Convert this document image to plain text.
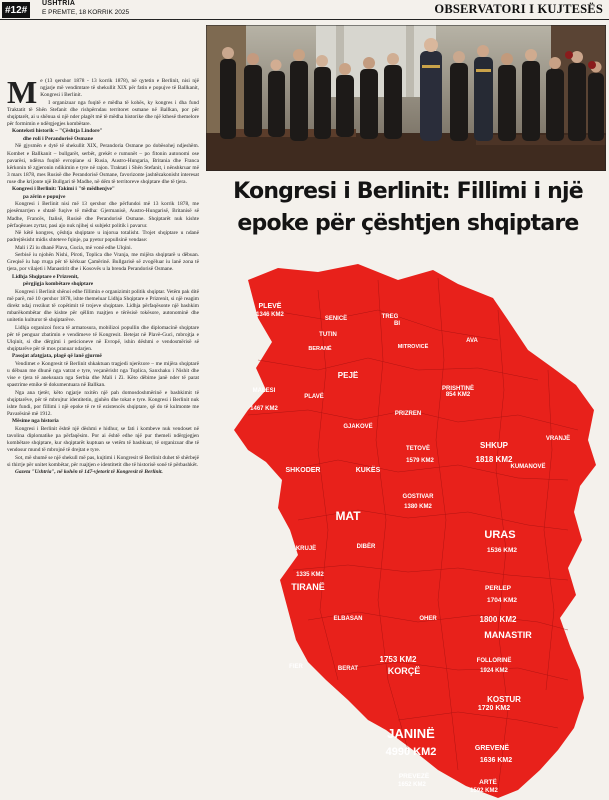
#12#
USHTRIA
E PREMTE, 18 KORRIK 2025	OBSERVATORI I KUJTESËS
Kongresi i Berlinit: Fillimi i një
epoke për çështjen shqiptare

M e (13 qershor 1878 - 13 korrik 1878), në qytetin e Berlinit, nisi një ngjarje më vendimtare të shekullit XIX për fatin e popujve të Ballkanit, Kongresi i Berlinit.

I organizuar nga fuqitë e mëdha të kohës, ky kongres i dha fund Traktatit të Shën Stefanit dhe rishpërndau territoret osmane në Ballkan, por për shqiptarët, ai u shënua si një nder plagët më të mëdha historike dhe një kthesë themelore për formimin e ndërgjegjes kombëtare.

Konteksti historik – "Çështja Lindore"

dhe roli i Perandorisë Osmane

Në gjysmën e dytë të shekullit XIX, Perandoria Osmane po dobësohej ndjeshëm. Kombet e Ballkanit – bullgarët, serbët, grekët e rumunët – po fitonin autonomi ose pavarësi, ndërsa fuqitë evropiane si Rusia, Austro-Hungaria, Britania dhe Franca kërkonin të zgjeronin ndikimin e tyre në rajon. Traktati i Shën Stefanit, i nënshkruar më 3 mars 1878, mes Rusisë dhe Perandorisë Osmane, favorizonte jashtëzakonisht interesat ruse dhe krijonte një Bullgari të Madhe, në dëm të territoreve shqiptare dhe të tjera.

Kongresi i Berlinit: Takimi i "të mëdhenjve"

pa zërin e popujve

Kongresi i Berlinit nisi më 13 qershor dhe përfundoi më 13 korrik 1878, me pjesëmarrjen e shtatë fuqive të mëdha: Gjermanisë, Austro-Hungarisë, Britanisë së Madhe, Francës, Italisë, Rusisë dhe Perandorisë Osmane. Shqiptarët nuk kishte përfaqësues zyrtar, pasi ajo nuk njihej si subjekt politik i pavarur.

Në këtë kongres, çështja shqiptare u injorua totalisht. Trojet shqiptare u ndanë padrejtësisht midis shteteve fqinje, pa pyetur popullsinë vendase:

Mali i Zi iu dhanë Plava, Gucia, më vonë edhe Ulqini.

Serbisë iu njohën Nishi, Piroti, Toplica dhe Vranja, me mijëra shqiptarë u dëbuan. Greqisë iu hap rruga për të kërkuar Çamërinë. Bullgarisë së zvogëluar iu lanë zona të tjera, por vilajeti i Manastirit dhe i Kosovës u la brenda Perandorisë Osmane.

Lidhja Shqiptare e Prizrenit,

përgjigja kombëtare shqiptare

Kongresi i Berlinit shënoi edhe fillimin e organizimit politik shqiptar. Vetëm pak ditë më parë, më 10 qershor 1878, ishte themeluar Lidhja Shqiptare e Prizrenit, si një reagim direkt ndaj rrezikut të copëtimit të trojeve shqiptare. Lidhja përfaqësonte një bashkim mbarëkombëtar dhe kishte për qëllim ruajtjen e tërësisë tokësore, autonominë dhe unitetin kulturor të shqiptarëve.

Lidhja organizoi forca të armatosura, mobilizoi popullin dhe diplomacinë shqiptare për të penguar zbatimin e vendimeve të Kongresit. Betejat në Plavë-Guci, mbrojtja e Ulqinit, si dhe dërgimi i peticioneve në Evropë, ishin dëshmi e vendosmërisë së shqiptarëve për të mos pranuar ndarjen.

Pasojat afatgjata, plagë që lanë gjurmë

Vendimet e Kongresit të Berlinit shkaktuan tragjedi njerëzore – me mijëra shqiptarë u dëbuan me dhunë nga vatrat e tyre, veçanërisht nga Toplica, Sanxhaku i Nishit dhe vise e tjera të aneksuara nga Serbia dhe Mali i Zi. Këto dëbime janë nder të parat spastrime etnike të dokumentuara në Ballkan.

Nga ana tjetër, këto ngjarje nxitën një pah domosdoshmërinë e bashkimit të shqiptarëve, për të mbrojtur identitetin, gjuhën dhe tokat e tyre. Kongresi i Berlinit nuk ishte fundi, por fillimi i një epoke të re të ezistencës shqiptare, që do të kulmonte me Pavarësinë më 1912.

Mësime nga historia

Kongresi i Berlinit është një dëshmi e hidhur, se fati i kombeve nuk vendoset në tavolina diplomatike pa përfaqësim. Por ai është edhe një pur themeli ndërgjegjen kombëtare shqiptare, kur shqiptarët kuptuan se vetëm të bashkuar, të organizuar dhe të vendosur mund të mbrojnë të drejtat e tyre.

Sot, më shumë se një shekull më pas, kujtimi i Kongresit të Berlinit duhet të shërbejë si thirrje për unitet kombëtar, për ruajtjen e identitetit dhe të historisë sonë të përbashkët.

Gazeta "Ushtria", në kohën të 147-vjetorit të Kongresit të Berlinit.

PLEVË
1346 KM2
SENICË	TREG
BI
TUTIN
MITROVICË
AVA
BERANË
PEJË
MALESI
PLAVË
1467 KM2
PRIZREN
GJAKOVË
PRISHTINË
854 KM2
VRANJË
SHKODER	KUKËS
TETOVË
1579 KM2
SHKUP
1818 KM2
KUMANOVË
MAT
GOSTIVAR
1380 KM2
URAS
1536 KM2
KRUJË	DIBËR
PERLEP
1704 KM2
TIRANË
1335 KM2
ELBASAN	OHER	1800 KM2
MANASTIR
FIER	BERAT
1753 KM2
KORÇË
FOLLORINË
1924 KM2
KOSTUR
1720 KM2
GREVENË
1636 KM2
JANINË
4990 KM2
PREVEZË
1652 KM2	ARTË
1592 KM2
